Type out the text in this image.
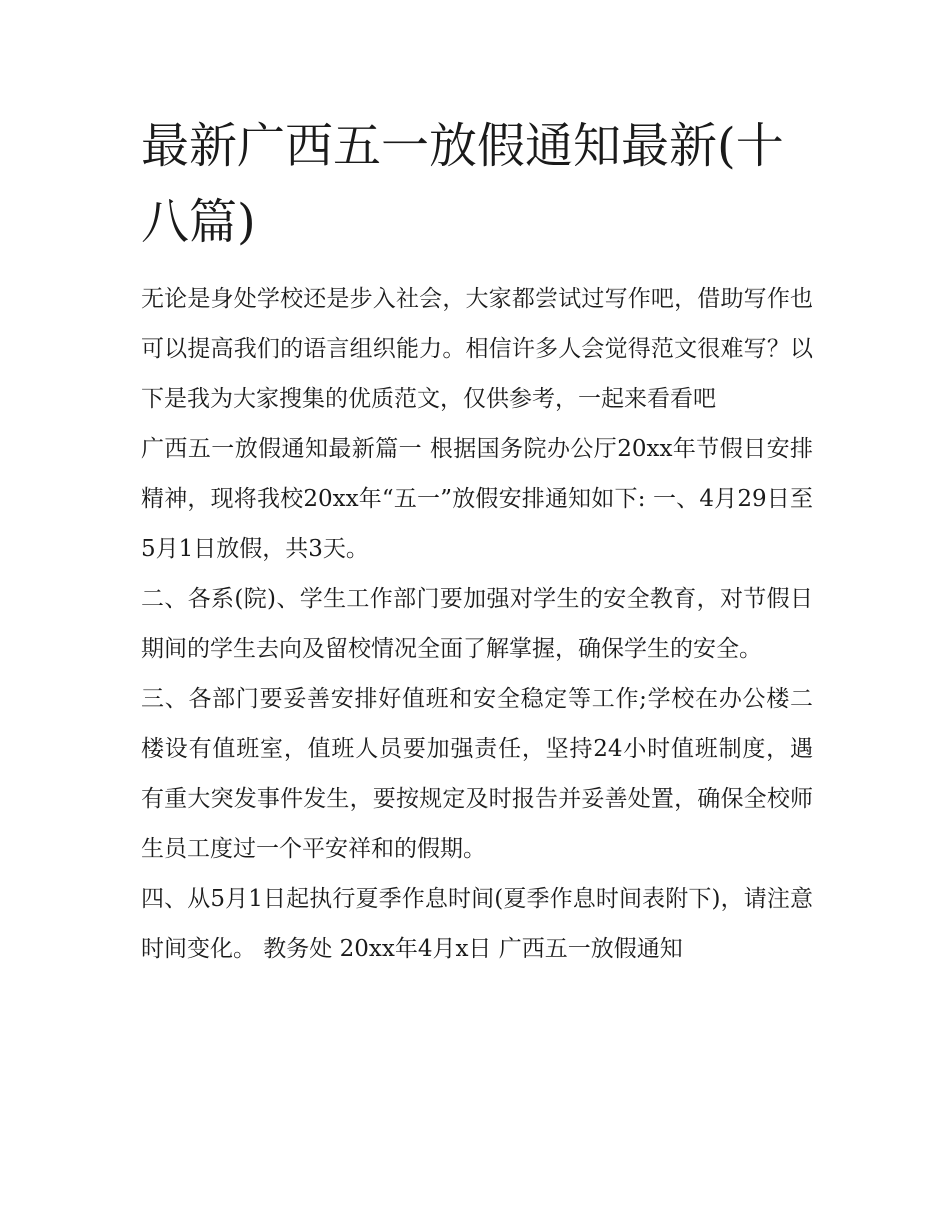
最新广西五一放假通知最新(十八篇)

无论是身处学校还是步入社会，大家都尝试过写作吧，借助写作也可以提高我们的语言组织能力。相信许多人会觉得范文很难写？以下是我为大家搜集的优质范文，仅供参考，一起来看看吧

广西五一放假通知最新篇一 根据国务院办公厅20xx年节假日安排精神，现将我校20xx年“五一”放假安排通知如下: 一、4月29日至5月1日放假，共3天。

二、各系(院)、学生工作部门要加强对学生的安全教育，对节假日期间的学生去向及留校情况全面了解掌握，确保学生的安全。

三、各部门要妥善安排好值班和安全稳定等工作;学校在办公楼二楼设有值班室，值班人员要加强责任，坚持24小时值班制度，遇有重大突发事件发生，要按规定及时报告并妥善处置，确保全校师生员工度过一个平安祥和的假期。

四、从5月1日起执行夏季作息时间(夏季作息时间表附下)，请注意时间变化。 教务处 20xx年4月x日 广西五一放假通知
